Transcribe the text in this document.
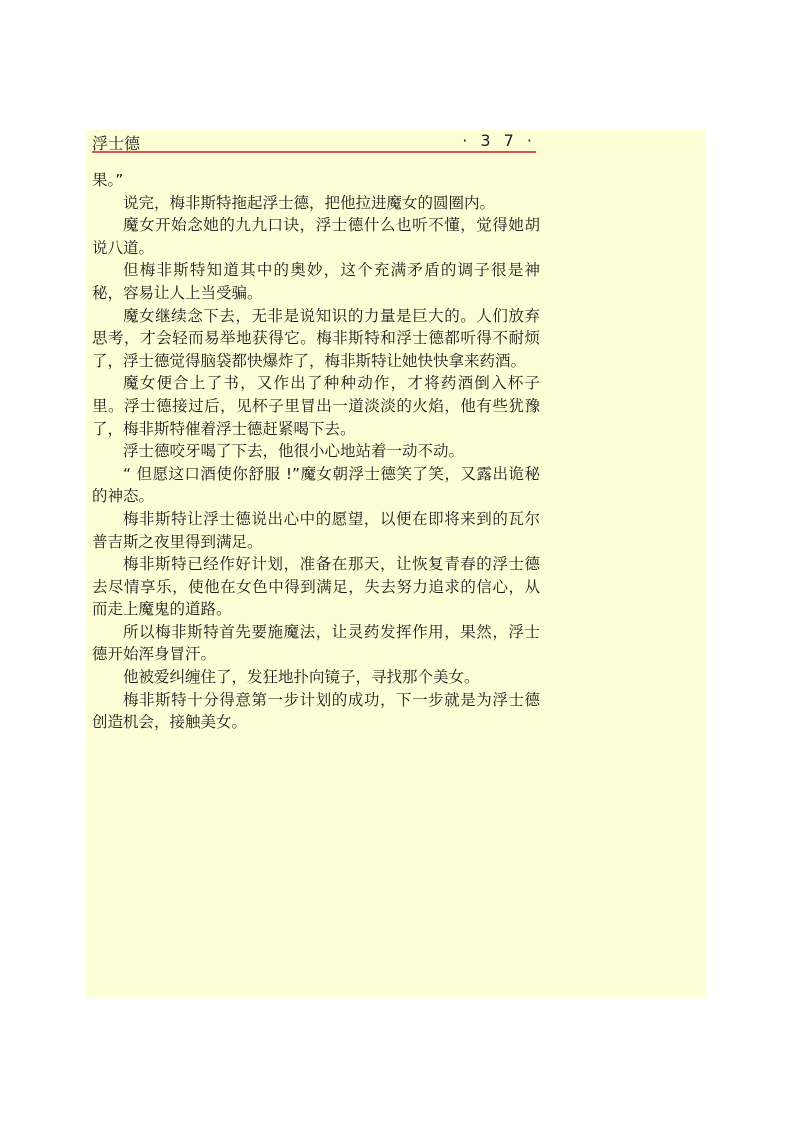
浮士德	· 3 7 ·

果。”

说完，梅非斯特拖起浮士德，把他拉进魔女的圆圈内。

魔女开始念她的九九口诀，浮士德什么也听不懂，觉得她胡说八道。

但梅非斯特知道其中的奥妙，这个充满矛盾的调子很是神秘，容易让人上当受骗。

魔女继续念下去，无非是说知识的力量是巨大的。人们放弃思考，才会轻而易举地获得它。梅非斯特和浮士德都听得不耐烦了，浮士德觉得脑袋都快爆炸了，梅非斯特让她快快拿来药酒。

魔女便合上了书，又作出了种种动作，才将药酒倒入杯子里。浮士德接过后，见杯子里冒出一道淡淡的火焰，他有些犹豫了，梅非斯特催着浮士德赶紧喝下去。

浮士德咬牙喝了下去，他很小心地站着一动不动。

“ 但愿这口酒使你舒服 !”魔女朝浮士德笑了笑，又露出诡秘的神态。

梅非斯特让浮士德说出心中的愿望，以便在即将来到的瓦尔普吉斯之夜里得到满足。

梅非斯特已经作好计划，准备在那天，让恢复青春的浮士德去尽情享乐，使他在女色中得到满足，失去努力追求的信心，从而走上魔鬼的道路。

所以梅非斯特首先要施魔法，让灵药发挥作用，果然，浮士德开始浑身冒汗。

他被爱纠缠住了，发狂地扑向镜子，寻找那个美女。

梅非斯特十分得意第一步计划的成功，下一步就是为浮士德创造机会，接触美女。
